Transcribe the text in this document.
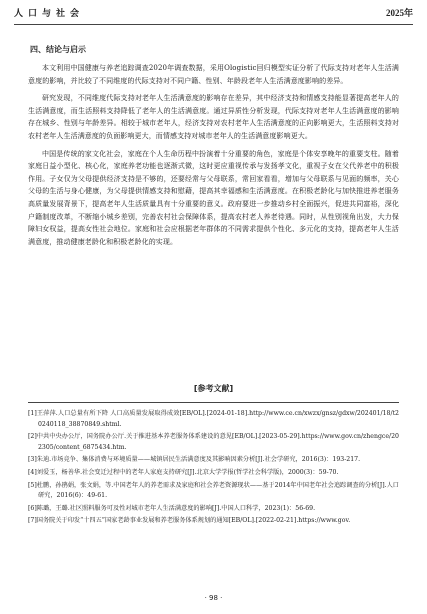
人口与社会	2025年
四、结论与启示

本文利用中国健康与养老追踪调查2020年调查数据，采用Ologistic回归模型实证分析了代际支持对老年人生活满意度的影响，并比较了不同维度的代际支持对不同户籍、性别、年龄段老年人生活满意度影响的差异。

研究发现，不同维度代际支持对老年人生活满意度的影响存在差异，其中经济支持和情感支持能显著提高老年人的生活满意度，而生活照料支持降低了老年人的生活满意度。通过异质性分析发现，代际支持对老年人生活满意度的影响存在城乡、性别与年龄差异。相较于城市老年人，经济支持对农村老年人生活满意度的正向影响更大，生活照料支持对农村老年人生活满意度的负面影响更大，而情感支持对城市老年人的生活满意度影响更大。

中国是传统的家文化社会，家庭在个人生命历程中扮演着十分重要的角色，家庭是个体安享晚年的重要支柱。随着家庭日益小型化、核心化，家庭养老功能也逐渐式微，这时更应重视传承与发扬孝文化，重视子女在父代养老中的积极作用。子女仅为父母提供经济支持是不够的，还要经常与父母联系，常回家看看，增加与父母联系与见面的频率，关心父母的生活与身心健康，为父母提供情感支持和慰藉，提高其幸福感和生活满意度。在积极老龄化与加快推进养老服务高质量发展背景下，提高老年人生活质量具有十分重要的意义。政府要进一步推动乡村全面振兴，促进共同富裕，深化户籍制度改革，不断缩小城乡差别，完善农村社会保障体系，提高农村老人养老待遇。同时，从性别视角出发，大力保障妇女权益，提高女性社会地位。家庭和社会应根据老年群体的不同需求提供个性化、多元化的支持，提高老年人生活满意度，推动健康老龄化和积极老龄化的实现。

[参考文献]

[1]王萍萍.人口总量有所下降 人口高质量发展取得成效[EB/OL].[2024-01-18].http://www.ce.cn/xwzx/gnsz/gdxw/202401/18/t20240118_38870849.shtml.

[2]中共中央办公厅，国务院办公厅.关于推进基本养老服务体系建设的意见[EB/OL].[2023-05-29].https://www.gov.cn/zhengce/202305/content_6875434.htm.

[3]朱迪.市场竞争、集体消费与环境质量——城镇居民生活满意度及其影响因素分析[J].社会学研究，2016(3)：193-217.

[4]刘爱玉，杨善华.社会变迁过程中的老年人家庭支持研究[J].北京大学学报(哲学社会科学版)，2000(3)：59-70.

[5]杜鹏，孙鹃娟，张文娟，等.中国老年人的养老需求及家庭和社会养老资源现状——基于2014年中国老年社会追踪调查的分析[J].人口研究，2016(6)：49-61.

[6]陈璐，王璐.社区照料服务可及性对城市老年人生活满意度的影响[J].中国人口科学，2023(1)：56-69.

[7]国务院关于印发“十四五”国家老龄事业发展和养老服务体系规划的通知[EB/OL].[2022-02-21].https://www.gov.

· 98 ·
